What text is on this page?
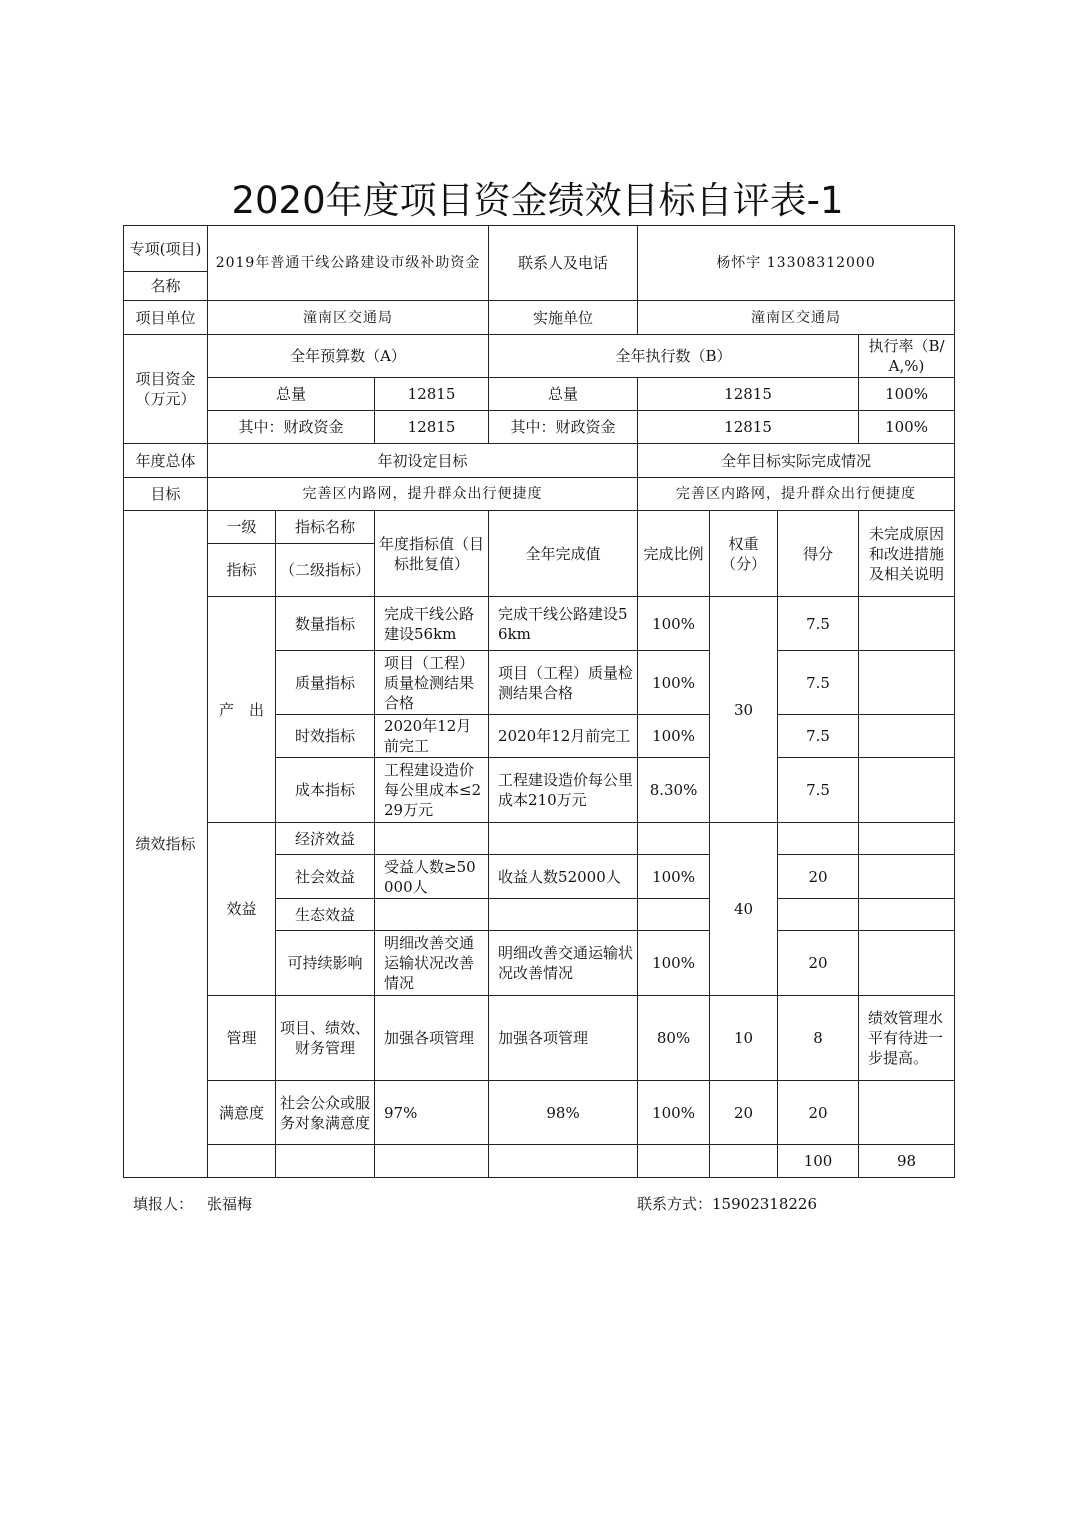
2020年度项目资金绩效目标自评表-1
专项(项目)	2019年普通干线公路建设市级补助资金			联系人及电话	杨怀宇 13308312000				
名称									
项目单位	潼南区交通局			实施单位	潼南区交通局				
项目资金（万元）	全年预算数（A）			全年执行数（B）				执行率（B/A,%)	
	总量		12815	总量	12815			100%	
	其中：财政资金		12815	其中：财政资金	12815			100%	
年度总体	年初设定目标				全年目标实际完成情况				
目标	完善区内路网，提升群众出行便捷度				完善区内路网，提升群众出行便捷度				
绩效指标	一级	指标名称	年度指标值（目标批复值）	全年完成值	完成比例	权重（分）	得分	未完成原因和改进措施及相关说明	
	指标	（二级指标）							
	产　出	数量指标	完成干线公路建设56km	完成干线公路建设56km	100%	30	7.5		
		质量指标	项目（工程）质量检测结果合格	项目（工程）质量检测结果合格	100%		7.5		
		时效指标	2020年12月前完工	2020年12月前完工	100%		7.5		
		成本指标	工程建设造价每公里成本≤229万元	工程建设造价每公里成本210万元	8.30%		7.5		
	效益	经济效益				40			
		社会效益	受益人数≥50000人	收益人数52000人	100%		20		
		生态效益							
		可持续影响	明细改善交通运输状况改善情况	明细改善交通运输状况改善情况	100%		20		
	管理	项目、绩效、财务管理	加强各项管理	加强各项管理	80%	10	8	绩效管理水平有待进一步提高。	
	满意度	社会公众或服务对象满意度	97%	98%	100%	20	20		
							100	98	
填报人： 张福梅	联系方式：15902318226
